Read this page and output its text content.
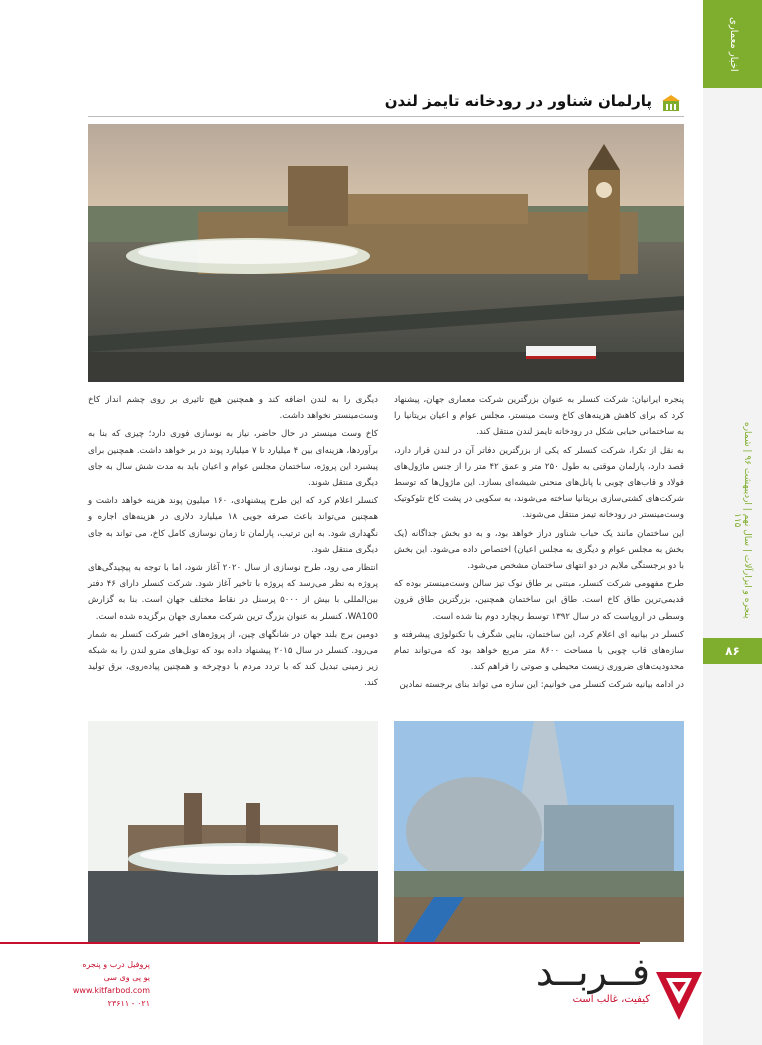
اخبار معماری
پنجره و ابزارآلات | سال نهم | اردیبهشت ۹۶ | شماره ۱۱۵
۸۶
پارلمان شناور در رودخانه تایمز لندن

پنجره ایرانیان: شرکت کنسلر به عنوان بزرگترین شرکت معماری جهان، پیشنهاد کرد که برای کاهش هزینه‌های کاخ وست مینستر، مجلس عوام و اعیان بریتانیا را به ساختمانی حبابی شکل در رودخانه تایمز لندن منتقل کند.

به نقل از تکرا، شرکت کنسلر که یکی از بزرگترین دفاتر آن در لندن قرار دارد، قصد دارد، پارلمان موقتی به طول ۲۵۰ متر و عمق ۴۲ متر را از جنس ماژول‌های فولاد و قاب‌های چوبی با پانل‌های منحنی شیشه‌ای بسازد. این ماژول‌ها که توسط شرکت‌های کشتی‌سازی بریتانیا ساخته می‌شوند، به سکویی در پشت کاخ تئوکوتیک وست‌مینستر در رودخانه تیمز منتقل می‌شوند.

این ساختمان مانند یک حباب شناور دراز خواهد بود، و به دو بخش جداگانه (یک بخش به مجلس عوام و دیگری به مجلس اعیان) اختصاص داده می‌شود. این بخش با دو برجستگی ملایم در دو انتهای ساختمان مشخص می‌شود.

طرح مفهومی شرکت کنسلر، مبتنی بر طاق نوک تیز سالن وست‌مینستر بوده که قدیمی‌ترین طاق کاخ است. طاق این ساختمان همچنین، بزرگترین طاق قرون وسطی در اروپاست که در سال ۱۳۹۲ توسط ریچارد دوم بنا شده است.

کنسلر در بیانیه ای اعلام کرد، این ساختمان، بنایی شگرف با تکنولوژی پیشرفته و سازه‌های قاب چوبی با مساحت ۸۶۰۰ متر مربع خواهد بود که می‌تواند تمام محدودیت‌های ضروری زیست محیطی و صوتی را فراهم کند.

در ادامه بیانیه شرکت کنسلر می خوانیم: این سازه می تواند بنای برجسته نمادین

دیگری را به لندن اضافه کند و همچنین هیچ تاثیری بر روی چشم انداز کاخ وست‌مینستر نخواهد داشت.

کاخ وست مینستر در حال حاضر، نیاز به نوسازی فوری دارد؛ چیزی که بنا به برآوردها، هزینه‌ای بین ۴ میلیارد تا ۷ میلیارد پوند در بر خواهد داشت. همچنین برای پیشبرد این پروژه، ساختمان مجلس عوام و اعیان باید به مدت شش سال به جای دیگری منتقل شوند.

کنسلر اعلام کرد که این طرح پیشنهادی، ۱۶۰ میلیون پوند هزینه خواهد داشت و همچنین می‌تواند باعث صرفه جویی ۱۸ میلیارد دلاری در هزینه‌های اجاره و نگهداری شود. به این ترتیب، پارلمان تا زمان نوسازی کامل کاخ، می تواند به جای دیگری منتقل شود.

انتظار می رود، طرح نوسازی از سال ۲۰۲۰ آغاز شود، اما با توجه به پیچیدگی‌های پروژه به نظر می‌رسد که پروژه با تاخیر آغاز شود. شرکت کنسلر دارای ۴۶ دفتر بین‌المللی با بیش از ۵۰۰۰ پرسنل در نقاط مختلف جهان است. بنا به گزارش WA100، کنسلر به عنوان بزرگ ترین شرکت معماری جهان برگزیده شده است.

دومین برج بلند جهان در شانگهای چین، از پروژه‌های اخیر شرکت کنسلر به شمار می‌رود. کنسلر در سال ۲۰۱۵ پیشنهاد داده بود که تونل‌های مترو لندن را به شبکه زیر زمینی تبدیل کند که با تردد مردم با دوچرخه و همچنین پیاده‌روی، برق تولید کند.

پروفیل درب و پنجره
یو پی وی سی
www.kitfarbod.com
۰۲۱ - ۲۳۶۱۱
فــربــد
کیفیت، غالب است
